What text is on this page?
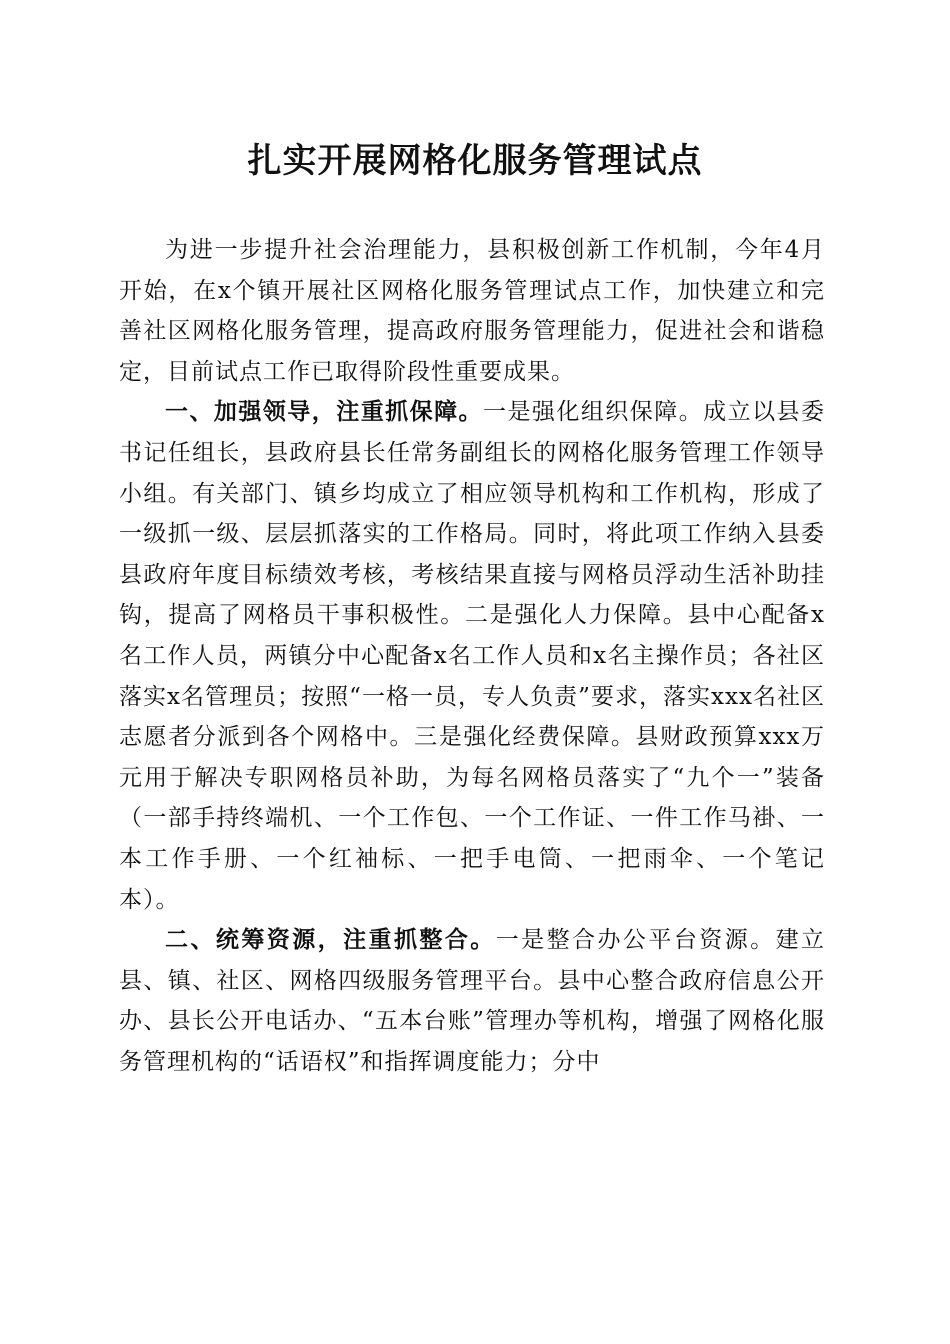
扎实开展网格化服务管理试点

为进一步提升社会治理能力，县积极创新工作机制，今年4月开始，在x个镇开展社区网格化服务管理试点工作，加快建立和完善社区网格化服务管理，提高政府服务管理能力，促进社会和谐稳定，目前试点工作已取得阶段性重要成果。

一、加强领导，注重抓保障。一是强化组织保障。成立以县委书记任组长，县政府县长任常务副组长的网格化服务管理工作领导小组。有关部门、镇乡均成立了相应领导机构和工作机构，形成了一级抓一级、层层抓落实的工作格局。同时，将此项工作纳入县委县政府年度目标绩效考核，考核结果直接与网格员浮动生活补助挂钩，提高了网格员干事积极性。二是强化人力保障。县中心配备x名工作人员，两镇分中心配备x名工作人员和x名主操作员；各社区落实x名管理员；按照“一格一员，专人负责”要求，落实xxx名社区志愿者分派到各个网格中。三是强化经费保障。县财政预算xxx万元用于解决专职网格员补助，为每名网格员落实了“九个一”装备（一部手持终端机、一个工作包、一个工作证、一件工作马褂、一本工作手册、一个红袖标、一把手电筒、一把雨伞、一个笔记本）。

二、统筹资源，注重抓整合。一是整合办公平台资源。建立县、镇、社区、网格四级服务管理平台。县中心整合政府信息公开办、县长公开电话办、“五本台账”管理办等机构，增强了网格化服务管理机构的“话语权”和指挥调度能力；分中
